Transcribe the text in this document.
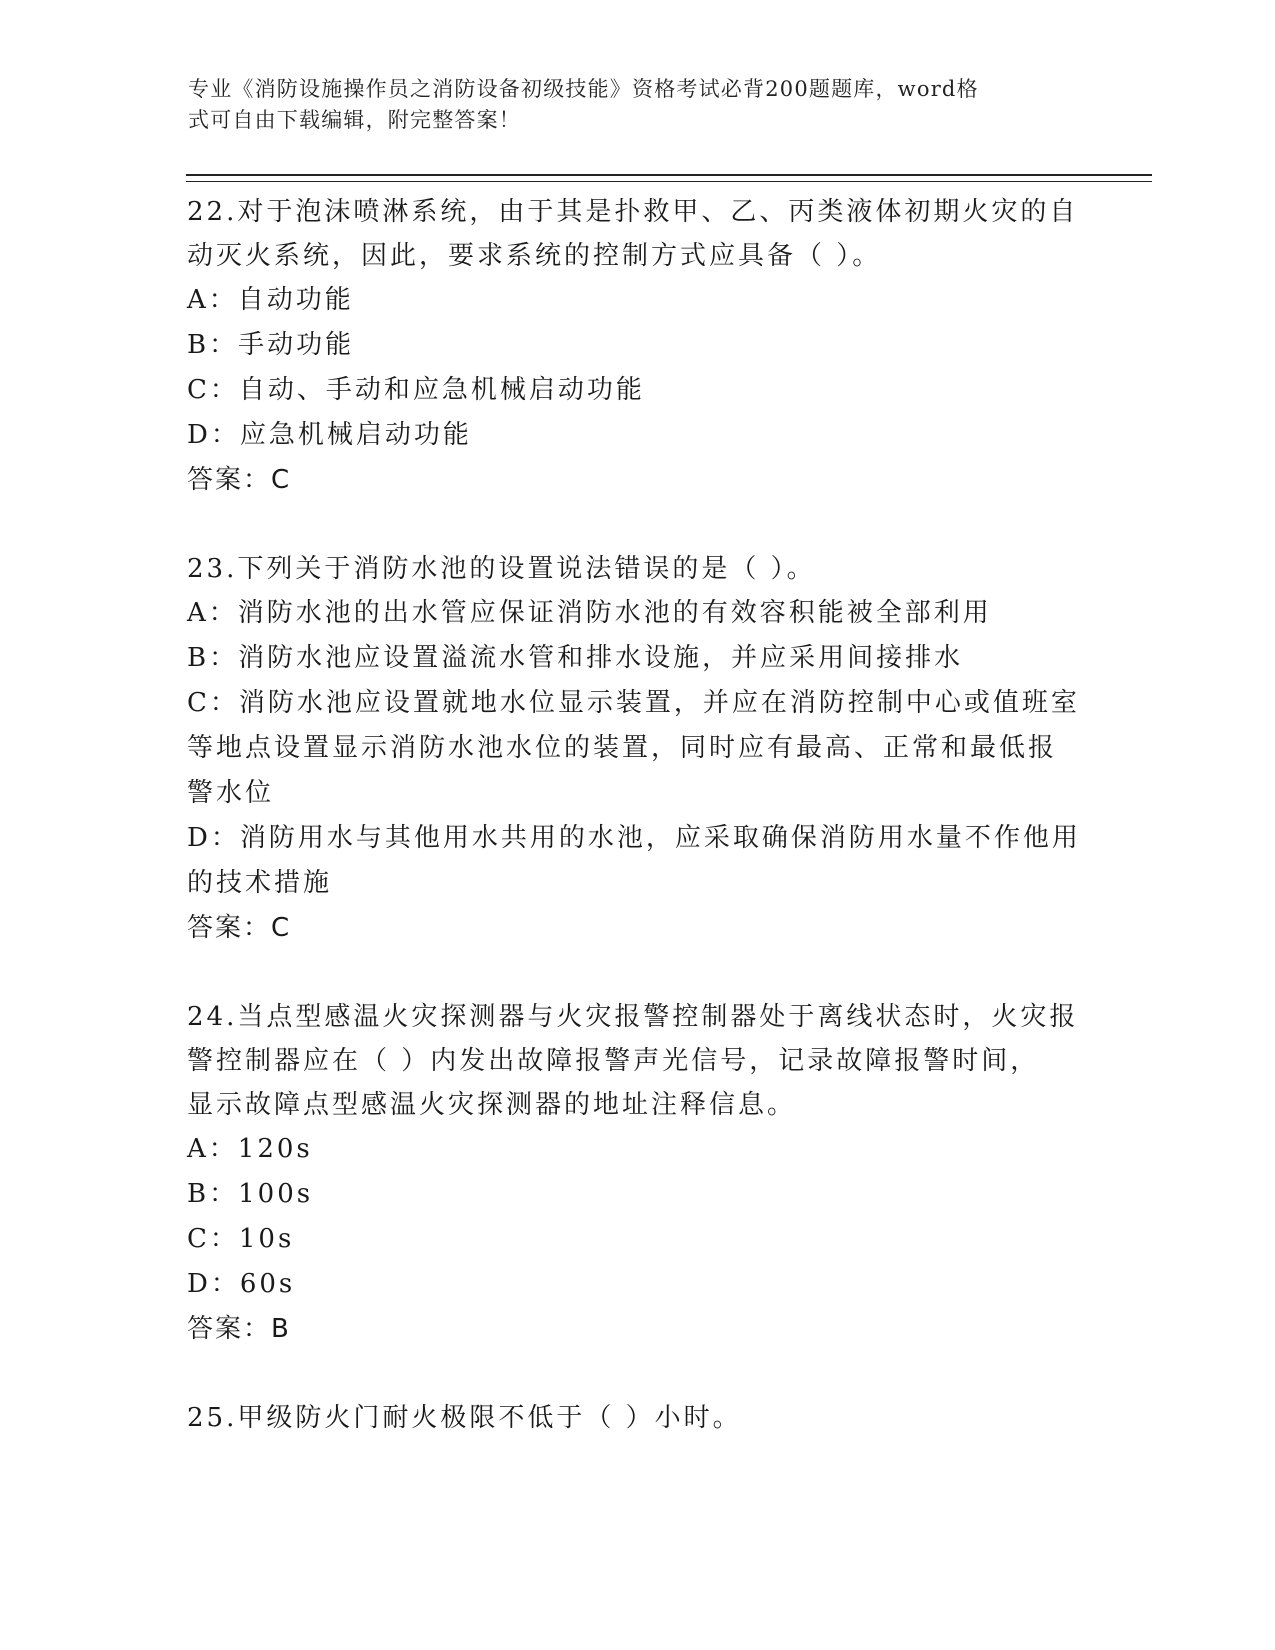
专业《消防设施操作员之消防设备初级技能》资格考试必背200题题库，word格
式可自由下载编辑，附完整答案！
22.对于泡沫喷淋系统，由于其是扑救甲、乙、丙类液体初期火灾的自
动灭火系统，因此，要求系统的控制方式应具备（ ）。
A：自动功能
B：手动功能
C：自动、手动和应急机械启动功能
D：应急机械启动功能
答案：C
23.下列关于消防水池的设置说法错误的是（ ）。
A：消防水池的出水管应保证消防水池的有效容积能被全部利用
B：消防水池应设置溢流水管和排水设施，并应采用间接排水
C：消防水池应设置就地水位显示装置，并应在消防控制中心或值班室
等地点设置显示消防水池水位的装置，同时应有最高、正常和最低报
警水位
D：消防用水与其他用水共用的水池，应采取确保消防用水量不作他用
的技术措施
答案：C
24.当点型感温火灾探测器与火灾报警控制器处于离线状态时，火灾报
警控制器应在（ ）内发出故障报警声光信号，记录故障报警时间，
显示故障点型感温火灾探测器的地址注释信息。
A：120s
B：100s
C：10s
D：60s
答案：B
25.甲级防火门耐火极限不低于（ ）小时。
